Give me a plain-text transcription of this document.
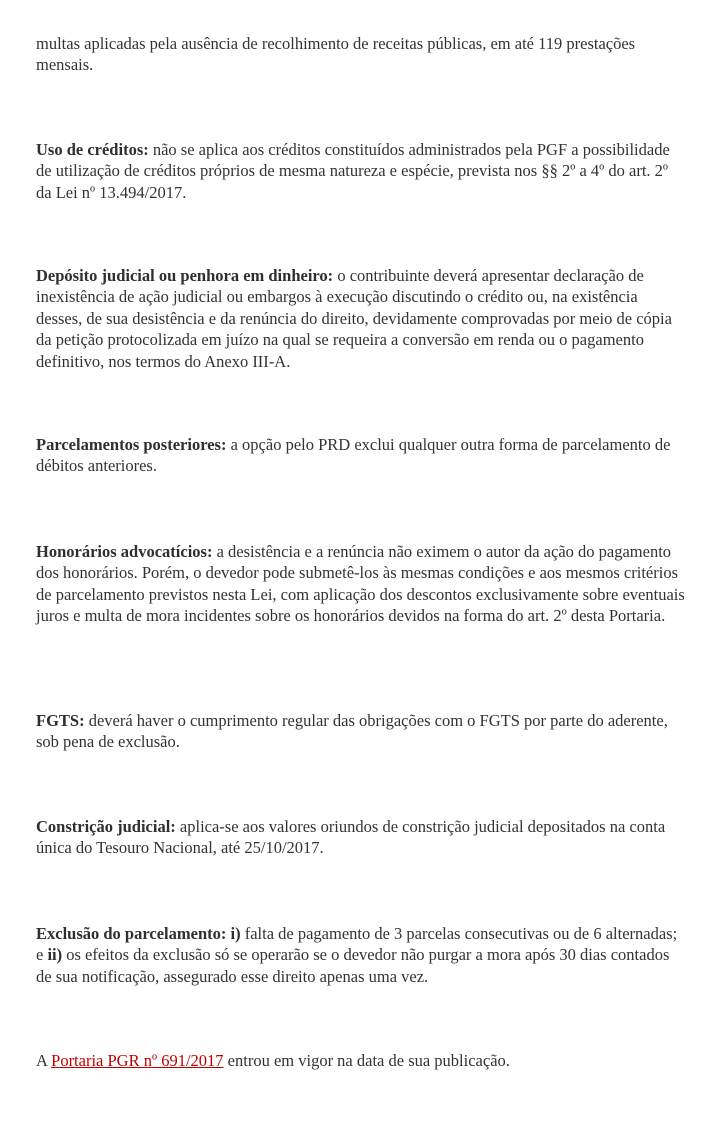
multas aplicadas pela ausência de recolhimento de receitas públicas, em até 119 prestações mensais.

Uso de créditos: não se aplica aos créditos constituídos administrados pela PGF a possibilidade de utilização de créditos próprios de mesma natureza e espécie, prevista nos §§ 2º a 4º do art. 2º da Lei nº 13.494/2017.

Depósito judicial ou penhora em dinheiro: o contribuinte deverá apresentar declaração de inexistência de ação judicial ou embargos à execução discutindo o crédito ou, na existência desses, de sua desistência e da renúncia do direito, devidamente comprovadas por meio de cópia da petição protocolizada em juízo na qual se requeira a conversão em renda ou o pagamento definitivo, nos termos do Anexo III-A.

Parcelamentos posteriores: a opção pelo PRD exclui qualquer outra forma de parcelamento de débitos anteriores.

Honorários advocatícios: a desistência e a renúncia não eximem o autor da ação do pagamento dos honorários. Porém, o devedor pode submetê-los às mesmas condições e aos mesmos critérios de parcelamento previstos nesta Lei, com aplicação dos descontos exclusivamente sobre eventuais juros e multa de mora incidentes sobre os honorários devidos na forma do art. 2º desta Portaria.

FGTS: deverá haver o cumprimento regular das obrigações com o FGTS por parte do aderente, sob pena de exclusão.

Constrição judicial: aplica-se aos valores oriundos de constrição judicial depositados na conta única do Tesouro Nacional, até 25/10/2017.

Exclusão do parcelamento: i) falta de pagamento de 3 parcelas consecutivas ou de 6 alternadas; e ii) os efeitos da exclusão só se operarão se o devedor não purgar a mora após 30 dias contados de sua notificação, assegurado esse direito apenas uma vez.

A Portaria PGR nº 691/2017 entrou em vigor na data de sua publicação.
